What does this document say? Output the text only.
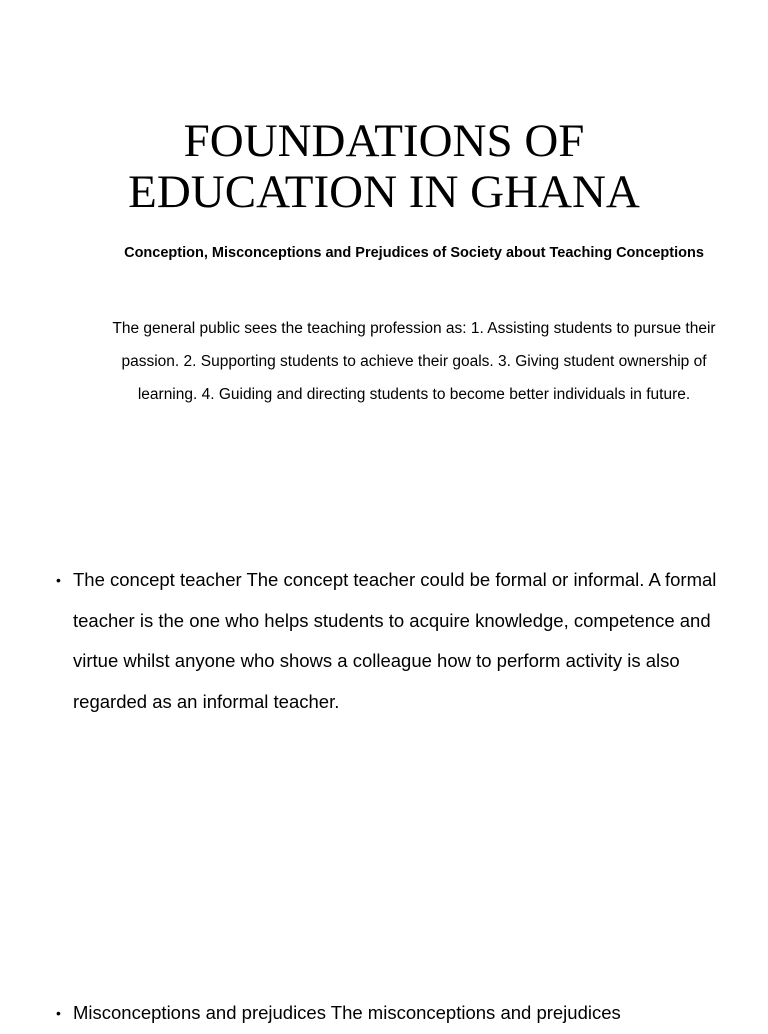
FOUNDATIONS OF
EDUCATION IN GHANA

Conception, Misconceptions and Prejudices of Society about Teaching Conceptions

The general public sees the teaching profession as: 1. Assisting students to pursue their passion. 2. Supporting students to achieve their goals. 3. Giving student ownership of learning. 4. Guiding and directing students to become better individuals in future.

• The concept teacher The concept teacher could be formal or informal. A formal teacher is the one who helps students to acquire knowledge, competence and virtue whilst anyone who shows a colleague how to perform activity is also regarded as an informal teacher.
• Misconceptions and prejudices The misconceptions and prejudices
